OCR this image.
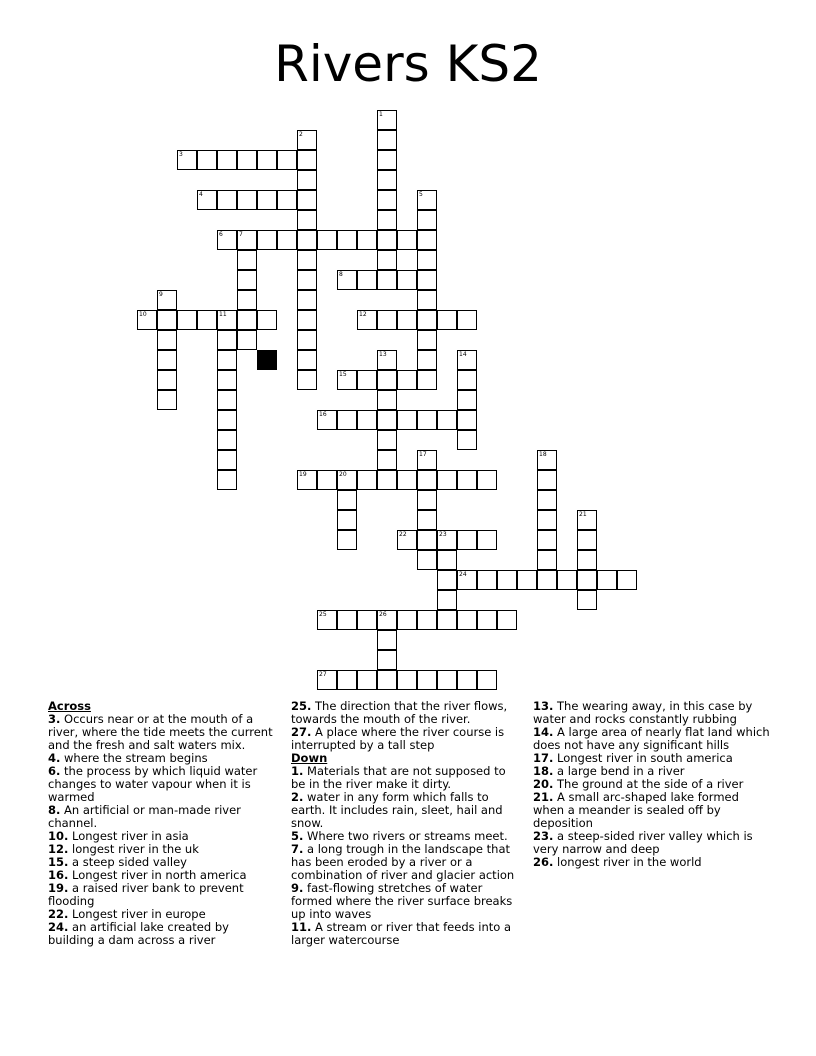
Rivers KS2
1
2
3
4	5
6	7
8
9
10	11	12
13	14
15
16
17	18
19	20
21
22	23
24
25	26
27
Across
3. Occurs near or at the mouth of a river, where the tide meets the current and the fresh and salt waters mix.
4. where the stream begins
6. the process by which liquid water changes to water vapour when it is warmed
8. An artificial or man-made river channel.
10. Longest river in asia
12. longest river in the uk
15. a steep sided valley
16. Longest river in north america
19. a raised river bank to prevent flooding
22. Longest river in europe
24. an artificial lake created by building a dam across a river
25. The direction that the river flows, towards the mouth of the river.
27. A place where the river course is interrupted by a tall step
Down
1. Materials that are not supposed to be in the river make it dirty.
2. water in any form which falls to earth. It includes rain, sleet, hail and snow.
5. Where two rivers or streams meet.
7. a long trough in the landscape that has been eroded by a river or a combination of river and glacier action
9. fast-flowing stretches of water formed where the river surface breaks up into waves
11. A stream or river that feeds into a larger watercourse
13. The wearing away, in this case by water and rocks constantly rubbing
14. A large area of nearly flat land which does not have any significant hills
17. Longest river in south america
18. a large bend in a river
20. The ground at the side of a river
21. A small arc-shaped lake formed when a meander is sealed off by deposition
23. a steep-sided river valley which is very narrow and deep
26. longest river in the world
